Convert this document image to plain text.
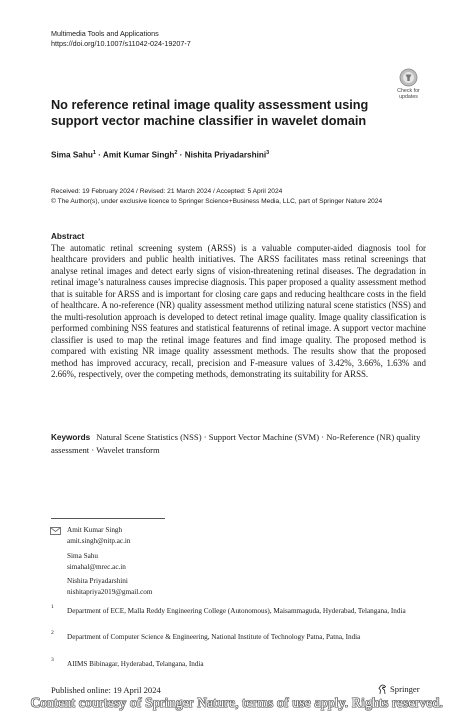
Multimedia Tools and Applications
https://doi.org/10.1007/s11042-024-19207-7
Check for
updates
No reference retinal image quality assessment using support vector machine classifier in wavelet domain
Sima Sahu$^1$ · Amit Kumar Singh$^2$ · Nishita Priyadarshini$^3$
Received: 19 February 2024 / Revised: 21 March 2024 / Accepted: 5 April 2024
© The Author(s), under exclusive licence to Springer Science+Business Media, LLC, part of Springer Nature 2024
Abstract
The automatic retinal screening system (ARSS) is a valuable computer-aided diagnosis tool for healthcare providers and public health initiatives. The ARSS facilitates mass retinal screenings that analyse retinal images and detect early signs of vision-threatening retinal diseases. The degradation in retinal image’s naturalness causes imprecise diagnosis. This paper proposed a quality assessment method that is suitable for ARSS and is important for closing care gaps and reducing healthcare costs in the field of healthcare. A no-reference (NR) quality assessment method utilizing natural scene statistics (NSS) and the multi-resolution approach is developed to detect retinal image quality. Image quality classification is performed combining NSS features and statistical featurenns of retinal image. A support vector machine classifier is used to map the retinal image features and find image quality. The proposed method is compared with existing NR image quality assessment methods. The results show that the proposed method has improved accuracy, recall, precision and F-measure values of 3.42%, 3.66%, 1.63% and 2.66%, respectively, over the competing methods, demonstrating its suitability for ARSS.
Keywords Natural Scene Statistics (NSS) · Support Vector Machine (SVM) · No-Reference (NR) quality assessment · Wavelet transform
Amit Kumar Singh
amit.singh@nitp.ac.in
Sima Sahu
simahal@mrec.ac.in
Nishita Priyadarshini
nishitapriya2019@gmail.com
1 Department of ECE, Malla Reddy Engineering College (Autonomous), Maisammaguda, Hyderabad, Telangana, India
2 Department of Computer Science & Engineering, National Institute of Technology Patna, Patna, India
3 AIIMS Bibinagar, Hyderabad, Telangana, India
Published online: 19 April 2024	Springer
Content courtesy of Springer Nature, terms of use apply. Rights reserved.
